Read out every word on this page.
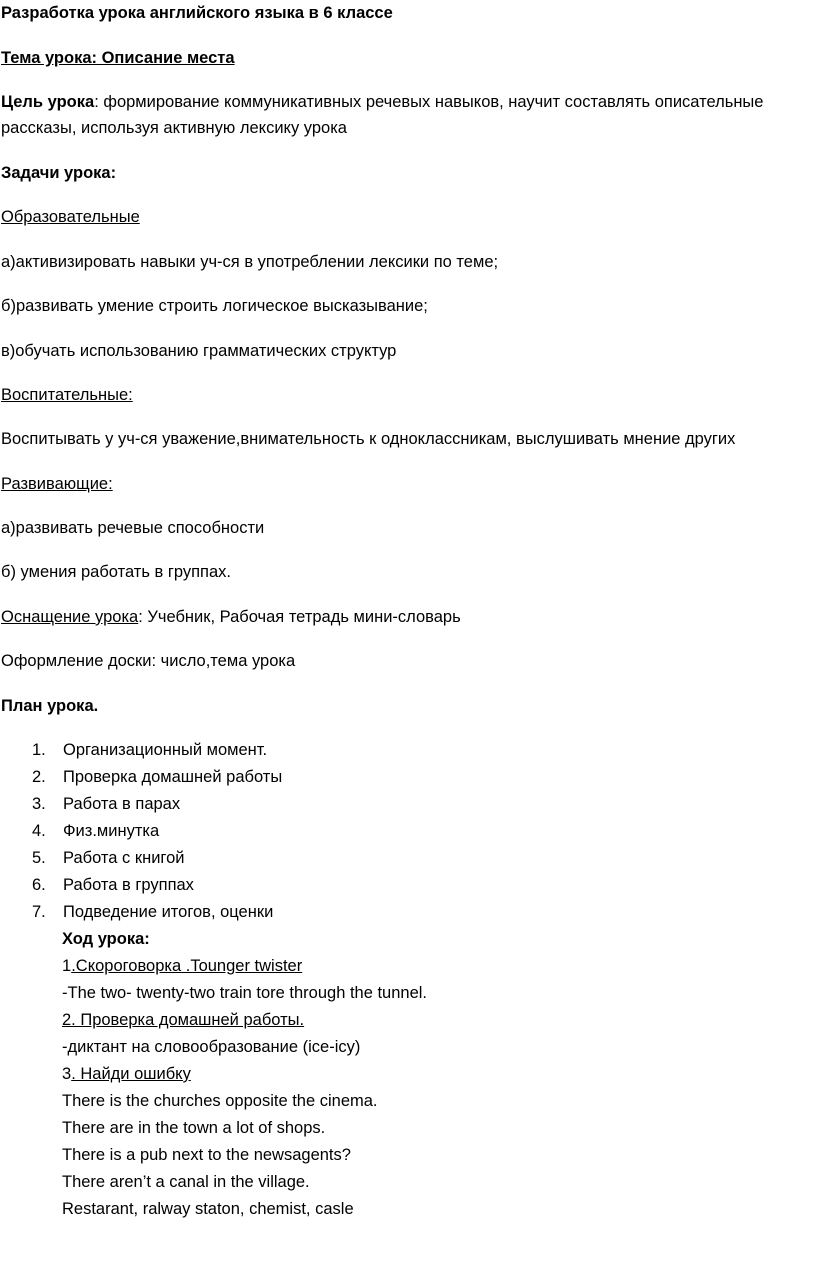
Разработка урока английского языка в 6 классе
Тема урока: Описание места
Цель урока: формирование коммуникативных речевых навыков, научит составлять описательные рассказы, используя активную лексику урока
Задачи урока:
Образовательные
а)активизировать навыки уч-ся в употреблении лексики по теме;
б)развивать умение строить логическое высказывание;
в)обучать использованию грамматических структур
Воспитательные:
Воспитывать у уч-ся уважение,внимательность к одноклассникам, выслушивать мнение других
Развивающие:
а)развивать речевые способности
б) умения работать в группах.
Оснащение урока: Учебник, Рабочая тетрадь мини-словарь
Оформление доски: число,тема урока
План урока.
1.	Организационный момент.
2.	Проверка домашней работы
3.	Работа в парах
4.	Физ.минутка
5.	Работа с книгой
6.	Работа в группах
7.	Подведение итогов, оценки
Ход урока:
1.Скороговорка .Tounger twister
-The two- twenty-two train tore through the tunnel.
2. Проверка домашней работы.
-диктант на словообразование (ice-icy)
3. Найди ошибку
There is the churches opposite the cinema.
There are in the town a lot of shops.
There is a pub next to the newsagents?
There aren’t a canal in the village.
Restarant, ralway staton, chemist, casle
